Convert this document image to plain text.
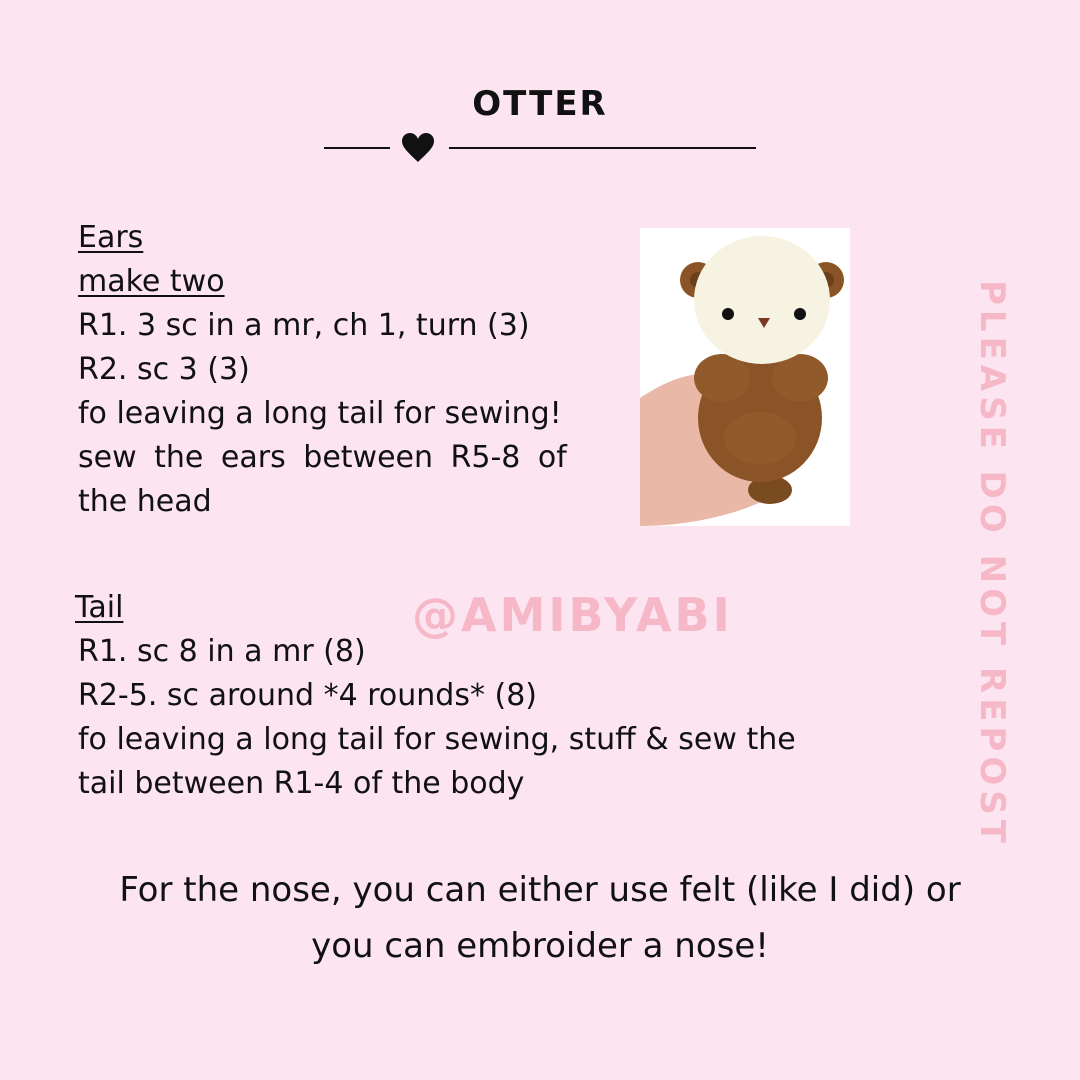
OTTER

Ears

make two

R1. 3 sc in a mr, ch 1, turn (3)

R2. sc 3 (3)

fo leaving a long tail for sewing!

sew the ears between R5-8 of

the head

Tail

R1. sc 8 in a mr (8)

R2-5. sc around *4 rounds* (8)

fo leaving a long tail for sewing, stuff & sew the

tail between R1-4 of the body

@AMIBYABI	PLEASE DO NOT REPOST

For the nose, you can either use felt (like I did) or

you can embroider a nose!
